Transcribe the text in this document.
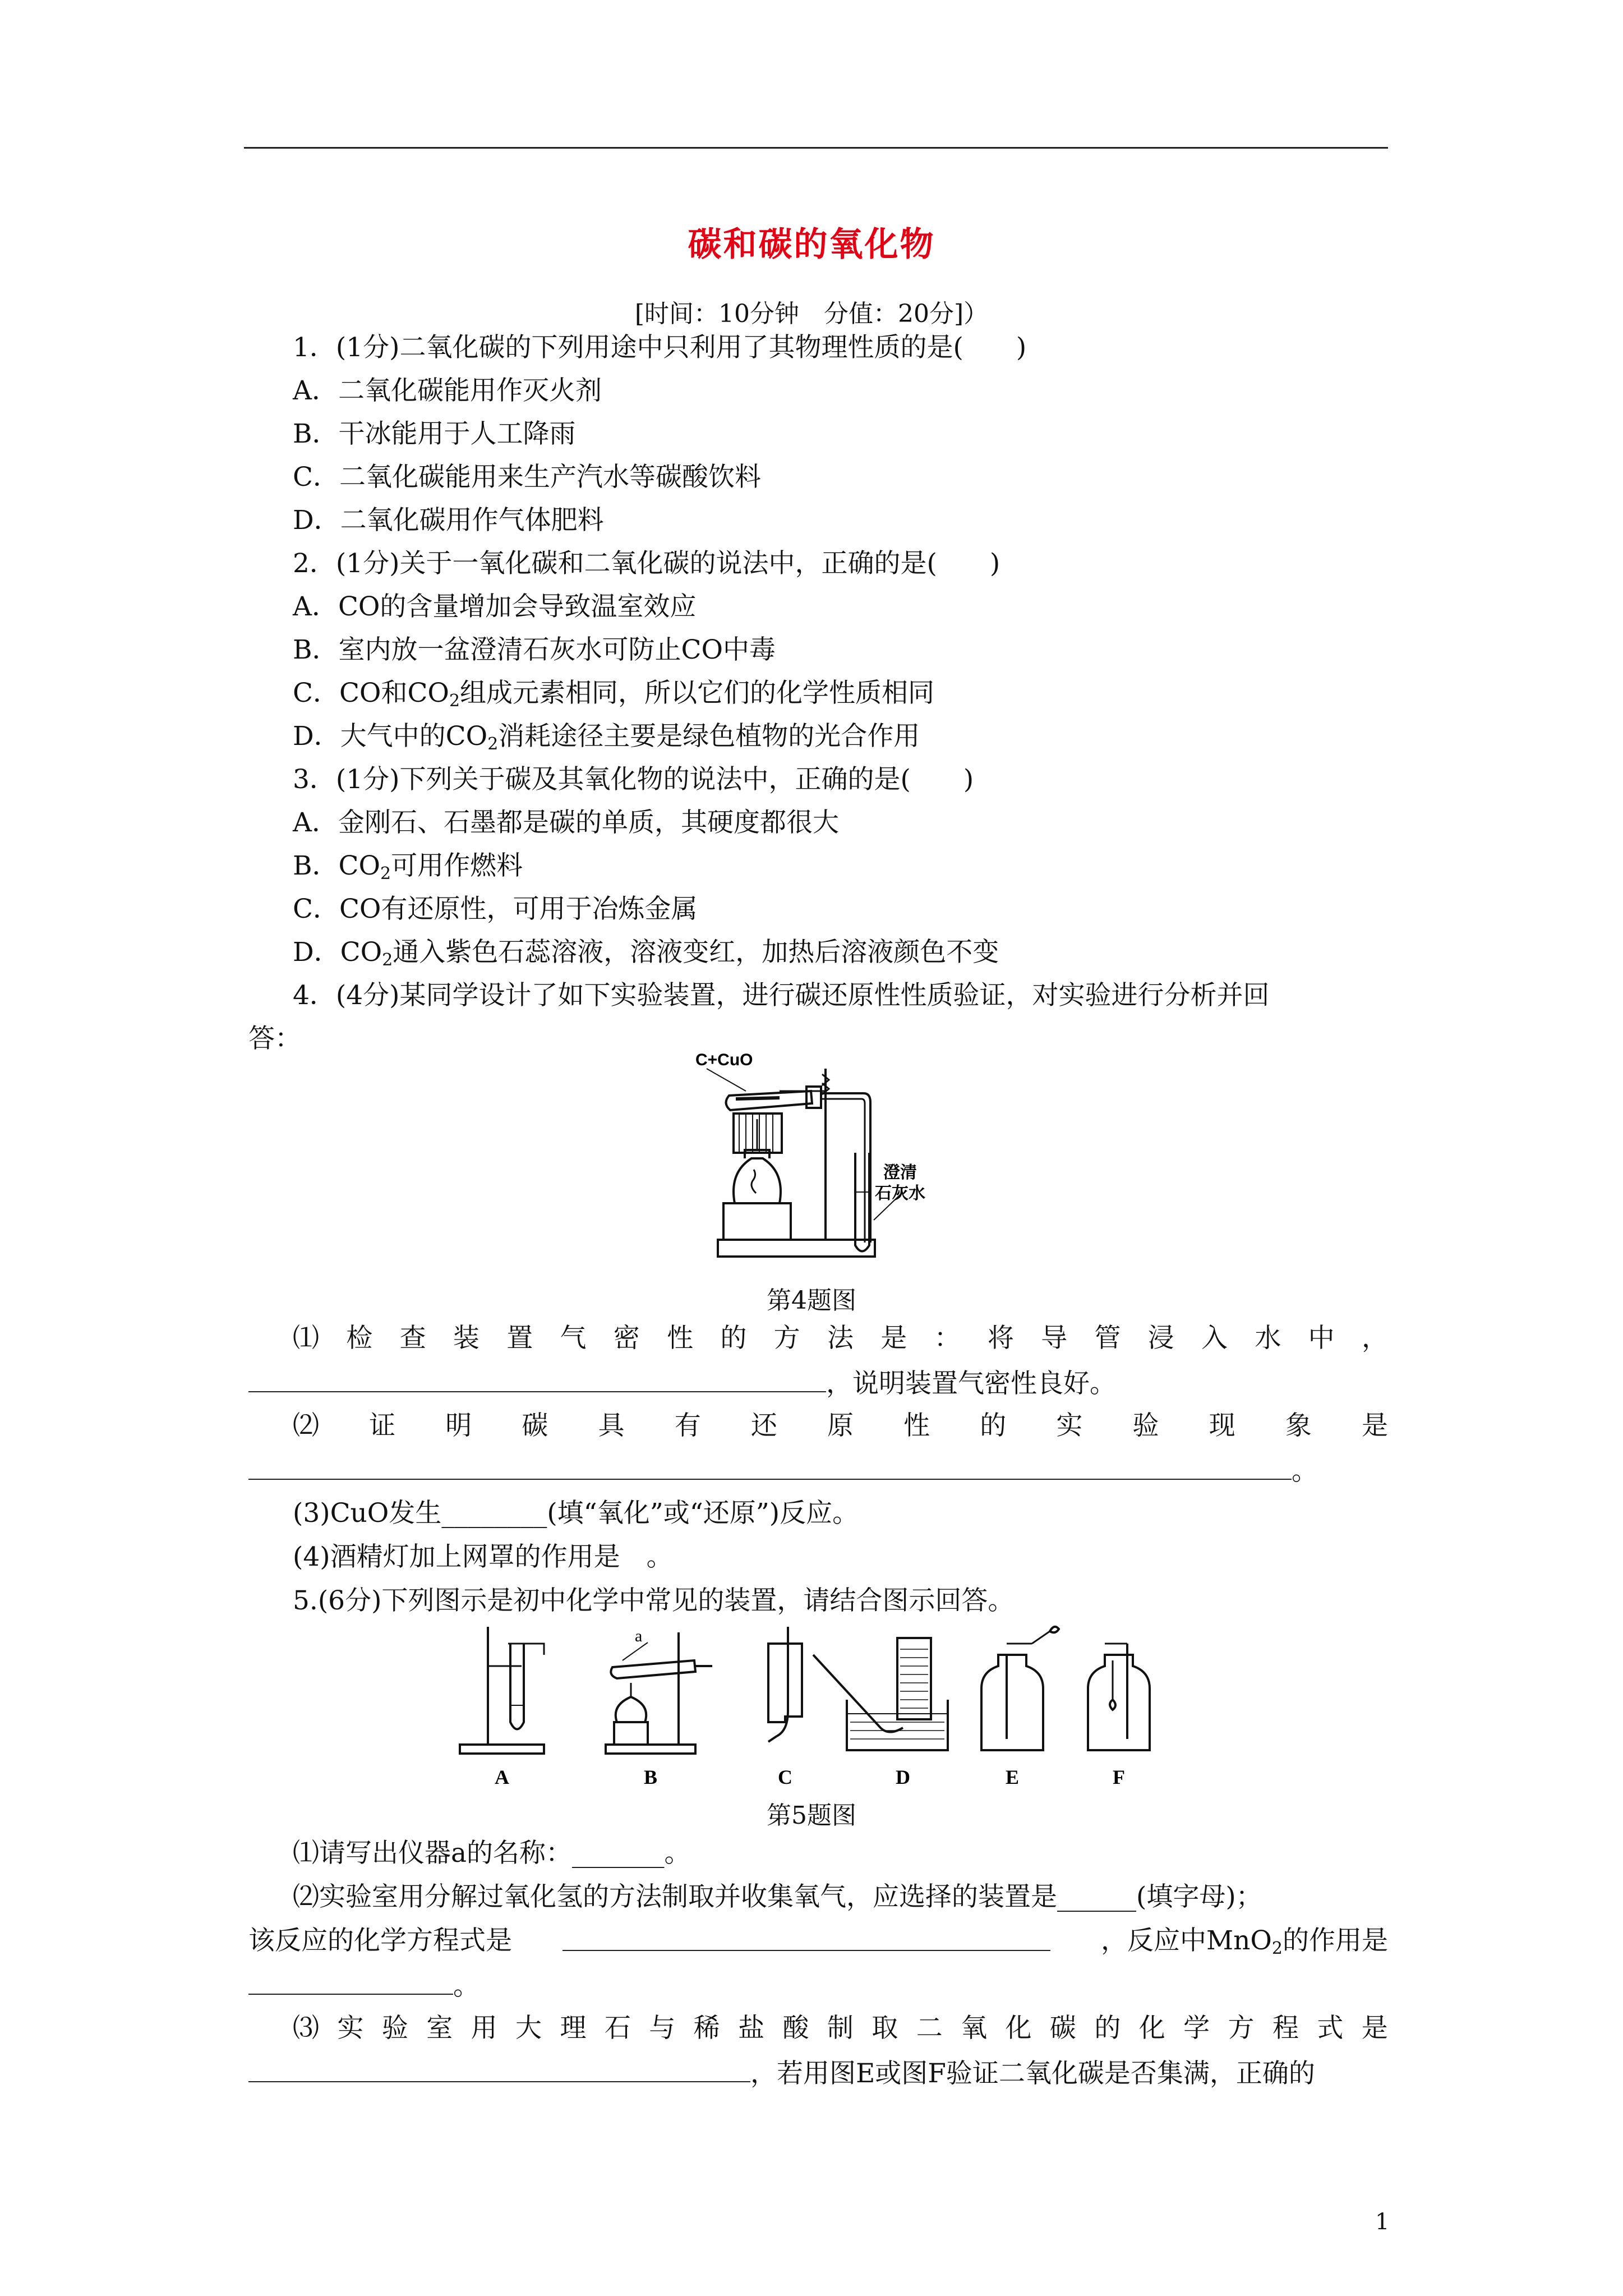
碳和碳的氧化物
[时间：10分钟　分值：20分]）
1．(1分)二氧化碳的下列用途中只利用了其物理性质的是(　　)
A．二氧化碳能用作灭火剂
B．干冰能用于人工降雨
C．二氧化碳能用来生产汽水等碳酸饮料
D．二氧化碳用作气体肥料
2．(1分)关于一氧化碳和二氧化碳的说法中，正确的是(　　)
A．CO的含量增加会导致温室效应
B．室内放一盆澄清石灰水可防止CO中毒
C．CO和$CO_2$组成元素相同，所以它们的化学性质相同
D．大气中的$CO_2$消耗途径主要是绿色植物的光合作用
3．(1分)下列关于碳及其氧化物的说法中，正确的是(　　)
A．金刚石、石墨都是碳的单质，其硬度都很大
B．$CO_2$可用作燃料
C．CO有还原性，可用于冶炼金属
D．$CO_2$通入紫色石蕊溶液，溶液变红，加热后溶液颜色不变
4．(4分)某同学设计了如下实验装置，进行碳还原性性质验证，对实验进行分析并回
答：
C+CuO
澄清
石灰水
第4题图
⑴ 检 查 装 置 气 密 性 的 方 法 是 ： 将 导 管 浸 入 水 中 ，
，说明装置气密性良好。
⑵ 证 明 碳 具 有 还 原 性 的 实 验 现 象 是
。
(3)CuO发生________(填“氧化”或“还原”)反应。
(4)酒精灯加上网罩的作用是　。
5.(6分)下列图示是初中化学中常见的装置，请结合图示回答。
a
A	B	C	D	E	F
第5题图
⑴请写出仪器a的名称：_______。
⑵实验室用分解过氧化氢的方法制取并收集氧气，应选择的装置是______(填字母)；
该反应的化学方程式是	，反应中MnO$_2$的作用是
。
⑶ 实 验 室 用 大 理 石 与 稀 盐 酸 制 取 二 氧 化 碳 的 化 学 方 程 式 是
，若用图E或图F验证二氧化碳是否集满，正确的
1
